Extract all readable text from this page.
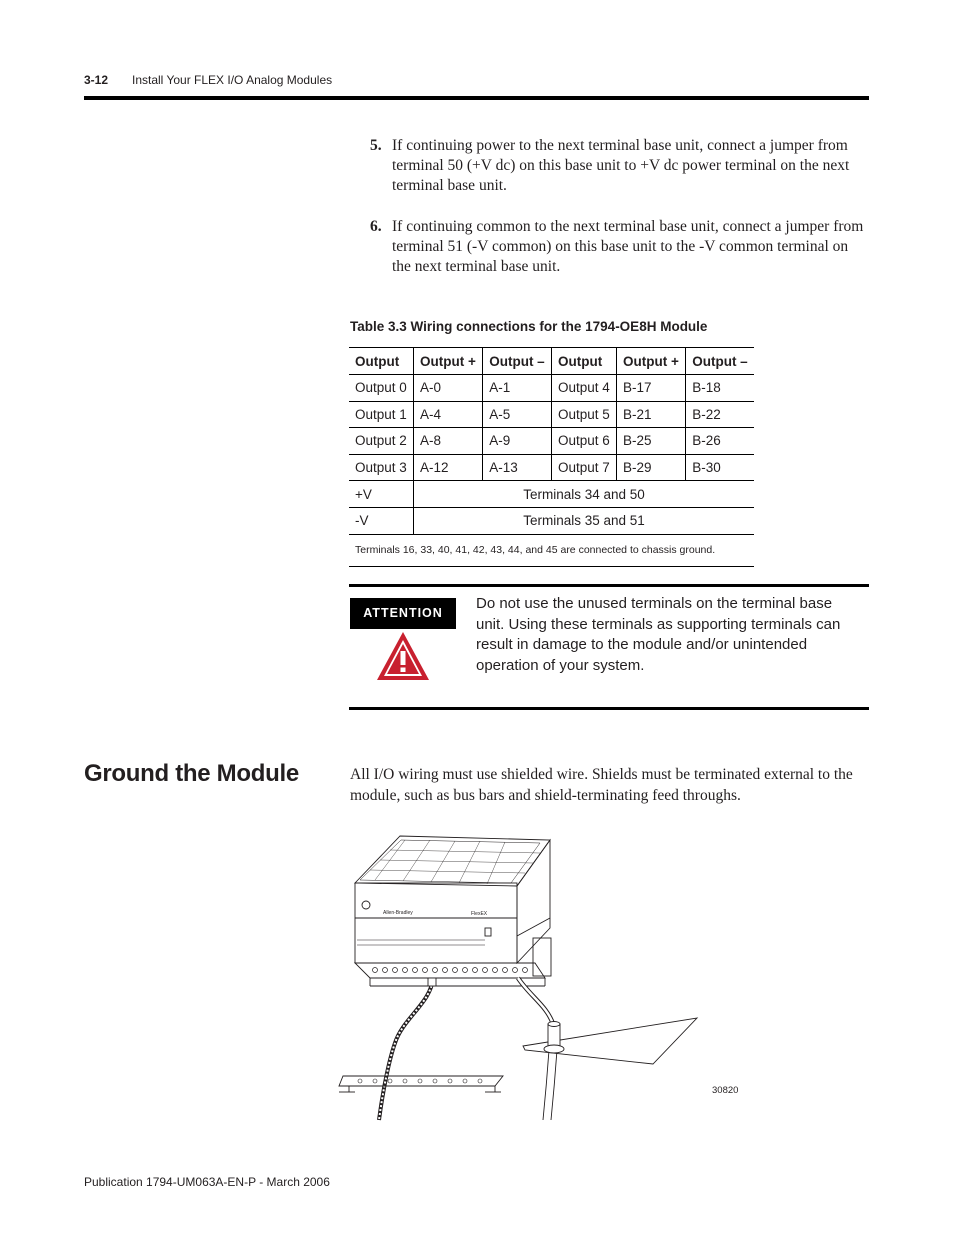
3-12 Install Your FLEX I/O Analog Modules
5. If continuing power to the next terminal base unit, connect a jumper from terminal 50 (+V dc) on this base unit to +V dc power terminal on the next terminal base unit.
6. If continuing common to the next terminal base unit, connect a jumper from terminal 51 (-V common) on this base unit to the -V common terminal on the next terminal base unit.
Table 3.3 Wiring connections for the 1794-OE8H Module
Output	Output +	Output –	Output	Output +	Output –
Output 0	A-0	A-1	Output 4	B-17	B-18
Output 1	A-4	A-5	Output 5	B-21	B-22
Output 2	A-8	A-9	Output 6	B-25	B-26
Output 3	A-12	A-13	Output 7	B-29	B-30
+V	Terminals 34 and 50				
-V	Terminals 35 and 51				
Terminals 16, 33, 40, 41, 42, 43, 44, and 45 are connected to chassis ground.					
ATTENTION
Do not use the unused terminals on the terminal base unit. Using these terminals as supporting terminals can result in damage to the module and/or unintended operation of your system.
Ground the Module	All I/O wiring must use shielded wire. Shields must be terminated external to the module, such as bus bars and shield-terminating feed throughs.
Allen-Bradley	FlexEX
30820
Publication 1794-UM063A-EN-P - March 2006
